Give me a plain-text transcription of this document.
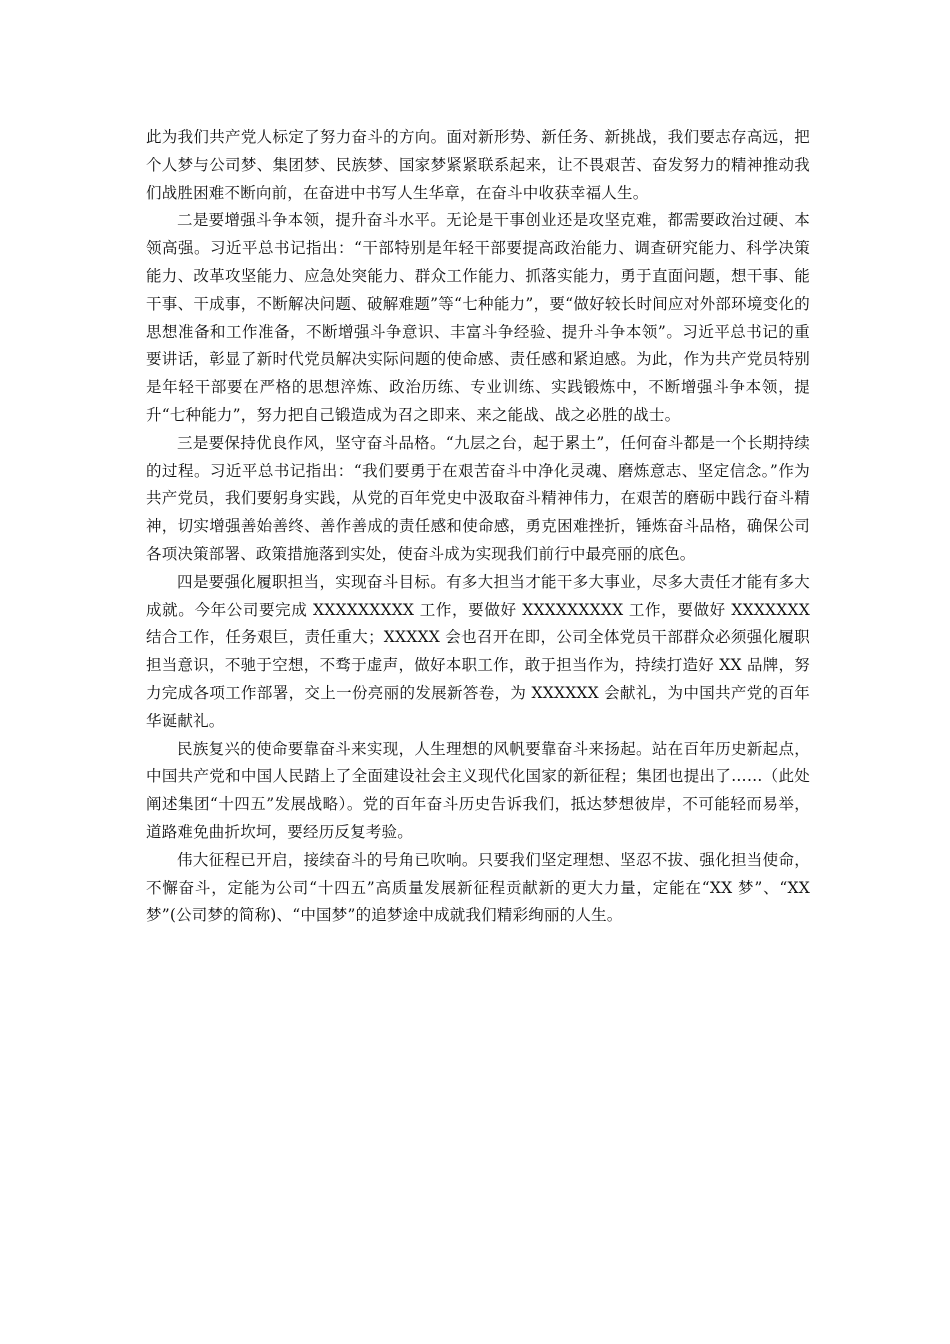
此为我们共产党人标定了努力奋斗的方向。面对新形势、新任务、新挑战，我们要志存高远，把个人梦与公司梦、集团梦、民族梦、国家梦紧紧联系起来，让不畏艰苦、奋发努力的精神推动我们战胜困难不断向前，在奋进中书写人生华章，在奋斗中收获幸福人生。

二是要增强斗争本领，提升奋斗水平。无论是干事创业还是攻坚克难，都需要政治过硬、本领高强。习近平总书记指出：“干部特别是年轻干部要提高政治能力、调查研究能力、科学决策能力、改革攻坚能力、应急处突能力、群众工作能力、抓落实能力，勇于直面问题，想干事、能干事、干成事，不断解决问题、破解难题”等“七种能力”，要“做好较长时间应对外部环境变化的思想准备和工作准备，不断增强斗争意识、丰富斗争经验、提升斗争本领”。习近平总书记的重要讲话，彰显了新时代党员解决实际问题的使命感、责任感和紧迫感。为此，作为共产党员特别是年轻干部要在严格的思想淬炼、政治历练、专业训练、实践锻炼中，不断增强斗争本领，提升“七种能力”，努力把自己锻造成为召之即来、来之能战、战之必胜的战士。

三是要保持优良作风，坚守奋斗品格。“九层之台，起于累土”，任何奋斗都是一个长期持续的过程。习近平总书记指出：“我们要勇于在艰苦奋斗中净化灵魂、磨炼意志、坚定信念。”作为共产党员，我们要躬身实践，从党的百年党史中汲取奋斗精神伟力，在艰苦的磨砺中践行奋斗精神，切实增强善始善终、善作善成的责任感和使命感，勇克困难挫折，锤炼奋斗品格，确保公司各项决策部署、政策措施落到实处，使奋斗成为实现我们前行中最亮丽的底色。

四是要强化履职担当，实现奋斗目标。有多大担当才能干多大事业，尽多大责任才能有多大成就。今年公司要完成 XXXXXXXXX 工作，要做好 XXXXXXXXX 工作，要做好 XXXXXXX 结合工作，任务艰巨，责任重大；XXXXX 会也召开在即，公司全体党员干部群众必须强化履职担当意识，不驰于空想，不骛于虚声，做好本职工作，敢于担当作为，持续打造好 XX 品牌，努力完成各项工作部署，交上一份亮丽的发展新答卷，为 XXXXXX 会献礼，为中国共产党的百年华诞献礼。

民族复兴的使命要靠奋斗来实现，人生理想的风帆要靠奋斗来扬起。站在百年历史新起点，中国共产党和中国人民踏上了全面建设社会主义现代化国家的新征程；集团也提出了……（此处阐述集团“十四五”发展战略）。党的百年奋斗历史告诉我们，抵达梦想彼岸，不可能轻而易举，道路难免曲折坎坷，要经历反复考验。

伟大征程已开启，接续奋斗的号角已吹响。只要我们坚定理想、坚忍不拔、强化担当使命，不懈奋斗，定能为公司“十四五”高质量发展新征程贡献新的更大力量，定能在“XX 梦”、“XX 梦”(公司梦的简称)、“中国梦”的追梦途中成就我们精彩绚丽的人生。
